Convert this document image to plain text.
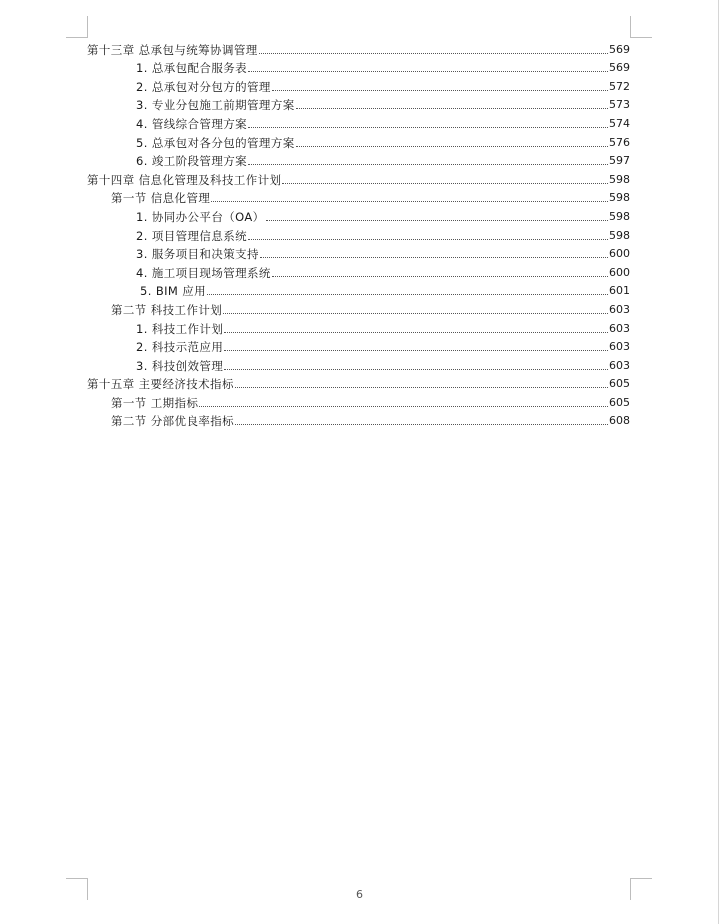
第十三章 总承包与统筹协调管理	569
1. 总承包配合服务表	569
2. 总承包对分包方的管理	572
3. 专业分包施工前期管理方案	573
4. 管线综合管理方案	574
5. 总承包对各分包的管理方案	576
6. 竣工阶段管理方案	597
第十四章 信息化管理及科技工作计划	598
第一节 信息化管理	598
1. 协同办公平台（OA）	598
2. 项目管理信息系统	598
3. 服务项目和决策支持	600
4. 施工项目现场管理系统	600
5. BIM 应用	601
第二节 科技工作计划	603
1. 科技工作计划	603
2. 科技示范应用	603
3. 科技创效管理	603
第十五章 主要经济技术指标	605
第一节 工期指标	605
第二节 分部优良率指标	608
6
